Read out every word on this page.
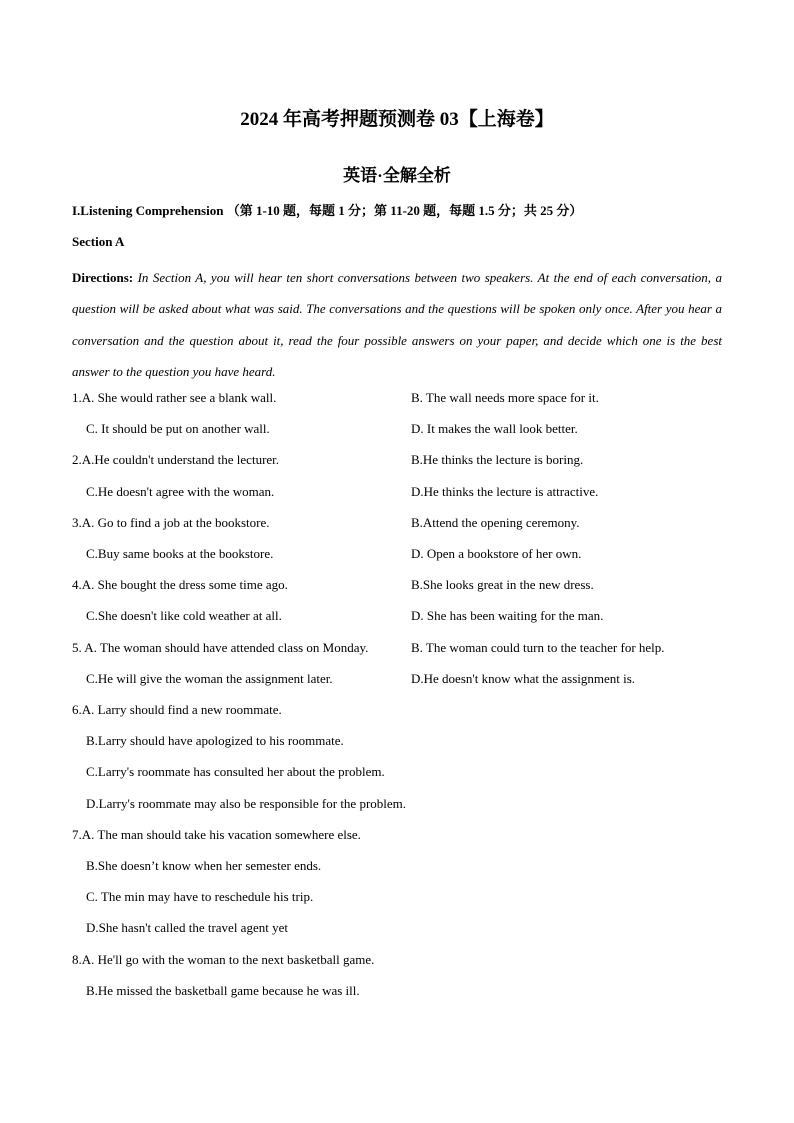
2024 年高考押题预测卷 03【上海卷】
英语·全解全析
I.Listening Comprehension （第 1-10 题，每题 1 分；第 11-20 题，每题 1.5 分；共 25 分）
Section A
Directions: In Section A, you will hear ten short conversations between two speakers. At the end of each conversation, a question will be asked about what was said. The conversations and the questions will be spoken only once. After you hear a conversation and the question about it, read the four possible answers on your paper, and decide which one is the best answer to the question you have heard.
1.A. She would rather see a blank wall.	B. The wall needs more space for it.
C. It should be put on another wall.	D. It makes the wall look better.
2.A.He couldn't understand the lecturer.	B.He thinks the lecture is boring.
C.He doesn't agree with the woman.	D.He thinks the lecture is attractive.
3.A. Go to find a job at the bookstore.	B.Attend the opening ceremony.
C.Buy same books at the bookstore.	D. Open a bookstore of her own.
4.A. She bought the dress some time ago.	B.She looks great in the new dress.
C.She doesn't like cold weather at all.	D. She has been waiting for the man.
5. A. The woman should have attended class on Monday.	B. The woman could turn to the teacher for help.
C.He will give the woman the assignment later.	D.He doesn't know what the assignment is.
6.A. Larry should find a new roommate.
B.Larry should have apologized to his roommate.
C.Larry's roommate has consulted her about the problem.
D.Larry's roommate may also be responsible for the problem.
7.A. The man should take his vacation somewhere else.
B.She doesn’t know when her semester ends.
C. The min may have to reschedule his trip.
D.She hasn't called the travel agent yet
8.A. He'll go with the woman to the next basketball game.
B.He missed the basketball game because he was ill.
